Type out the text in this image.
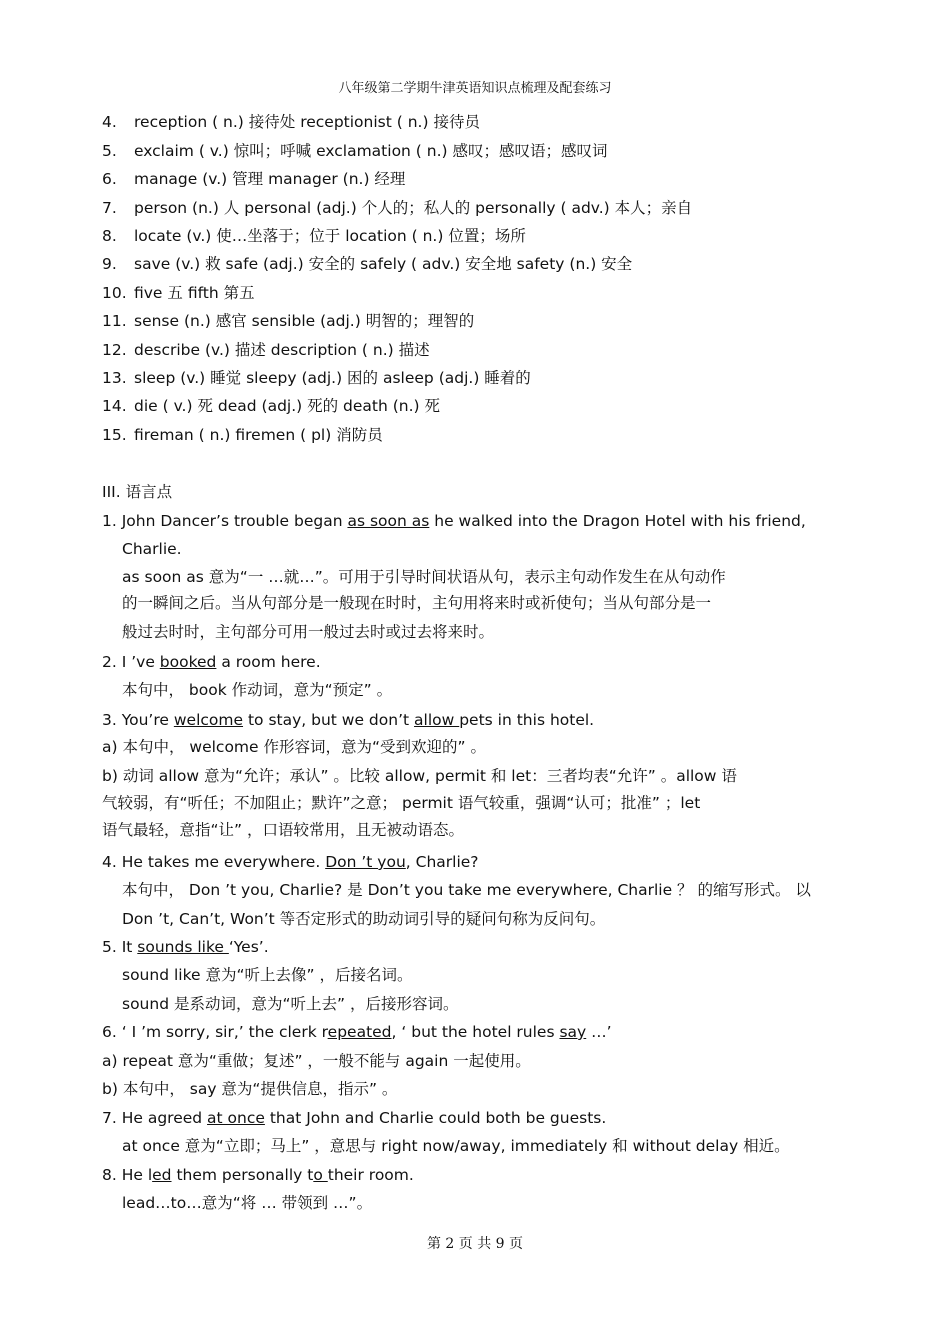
八年级第二学期牛津英语知识点梳理及配套练习
4. reception ( n.) 接待处 receptionist ( n.) 接待员
5. exclaim ( v.) 惊叫；呼喊 exclamation ( n.) 感叹；感叹语；感叹词
6. manage (v.) 管理 manager (n.) 经理
7. person (n.) 人 personal (adj.) 个人的；私人的 personally ( adv.) 本人；亲自
8. locate (v.) 使…坐落于；位于 location ( n.) 位置；场所
9. save (v.) 救 safe (adj.) 安全的 safely ( adv.) 安全地 safety (n.) 安全
10. five 五 fifth 第五
11. sense (n.) 感官 sensible (adj.) 明智的；理智的
12. describe (v.) 描述 description ( n.) 描述
13. sleep (v.) 睡觉 sleepy (adj.) 困的 asleep (adj.) 睡着的
14. die ( v.) 死 dead (adj.) 死的 death (n.) 死
15. fireman ( n.) firemen ( pl) 消防员
III. 语言点
1. John Dancer’s trouble began as soon as he walked into the Dragon Hotel with his friend,
Charlie.
as soon as 意为“一 …就…”。可用于引导时间状语从句，表示主句动作发生在从句动作
的一瞬间之后。当从句部分是一般现在时时，主句用将来时或祈使句；当从句部分是一
般过去时时，主句部分可用一般过去时或过去将来时。
2. I ’ve booked a room here.
本句中， book 作动词，意为“预定” 。
3. You’re welcome to stay, but we don’t allow pets in this hotel.
a) 本句中， welcome 作形容词，意为“受到欢迎的” 。
b) 动词 allow 意为“允许；承认” 。比较 allow, permit 和 let：三者均表“允许” 。allow 语
气较弱，有“听任；不加阻止；默许”之意； permit 语气较重，强调“认可；批准” ；let
语气最轻，意指“让” ，口语较常用，且无被动语态。
4. He takes me everywhere. Don ’t you, Charlie?
本句中， Don ’t you, Charlie? 是 Don’t you take me everywhere, Charlie ？ 的缩写形式。 以
Don ’t, Can’t, Won’t 等否定形式的助动词引导的疑问句称为反问句。
5. It sounds like ‘Yes’.
sound like 意为“听上去像” ，后接名词。
sound 是系动词，意为“听上去” ，后接形容词。
6. ‘ I ’m sorry, sir,’ the clerk repeated, ‘ but the hotel rules say …’
a) repeat 意为“重做；复述” ，一般不能与 again 一起使用。
b) 本句中， say 意为“提供信息，指示” 。
7. He agreed at once that John and Charlie could both be guests.
at once 意为“立即；马上” ，意思与 right now/away, immediately 和 without delay 相近。
8. He led them personally to their room.
lead…to…意为“将 … 带领到 …”。
第 2 页 共 9 页
